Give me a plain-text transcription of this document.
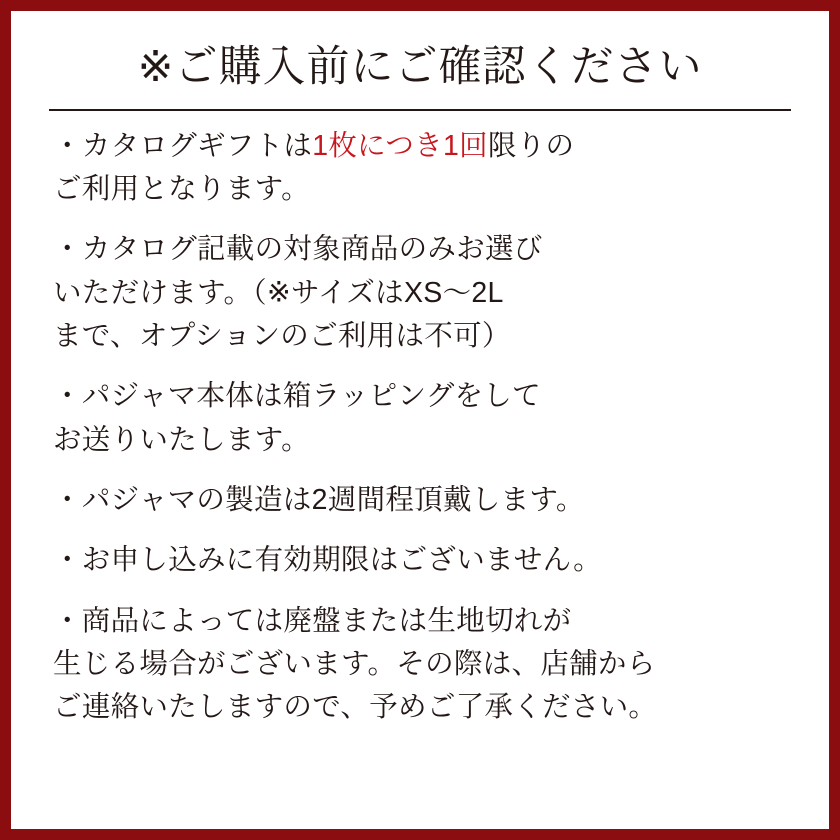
※ご購入前にご確認ください

・カタログギフトは1枚につき1回限りの
ご利用となります。

・カタログ記載の対象商品のみお選び
いただけます。（※サイズはXS〜2L
まで、オプションのご利用は不可）

・パジャマ本体は箱ラッピングをして
お送りいたします。

・パジャマの製造は2週間程頂戴します。

・お申し込みに有効期限はございません。

・商品によっては廃盤または生地切れが
生じる場合がございます。その際は、店舗から
ご連絡いたしますので、予めご了承ください。
